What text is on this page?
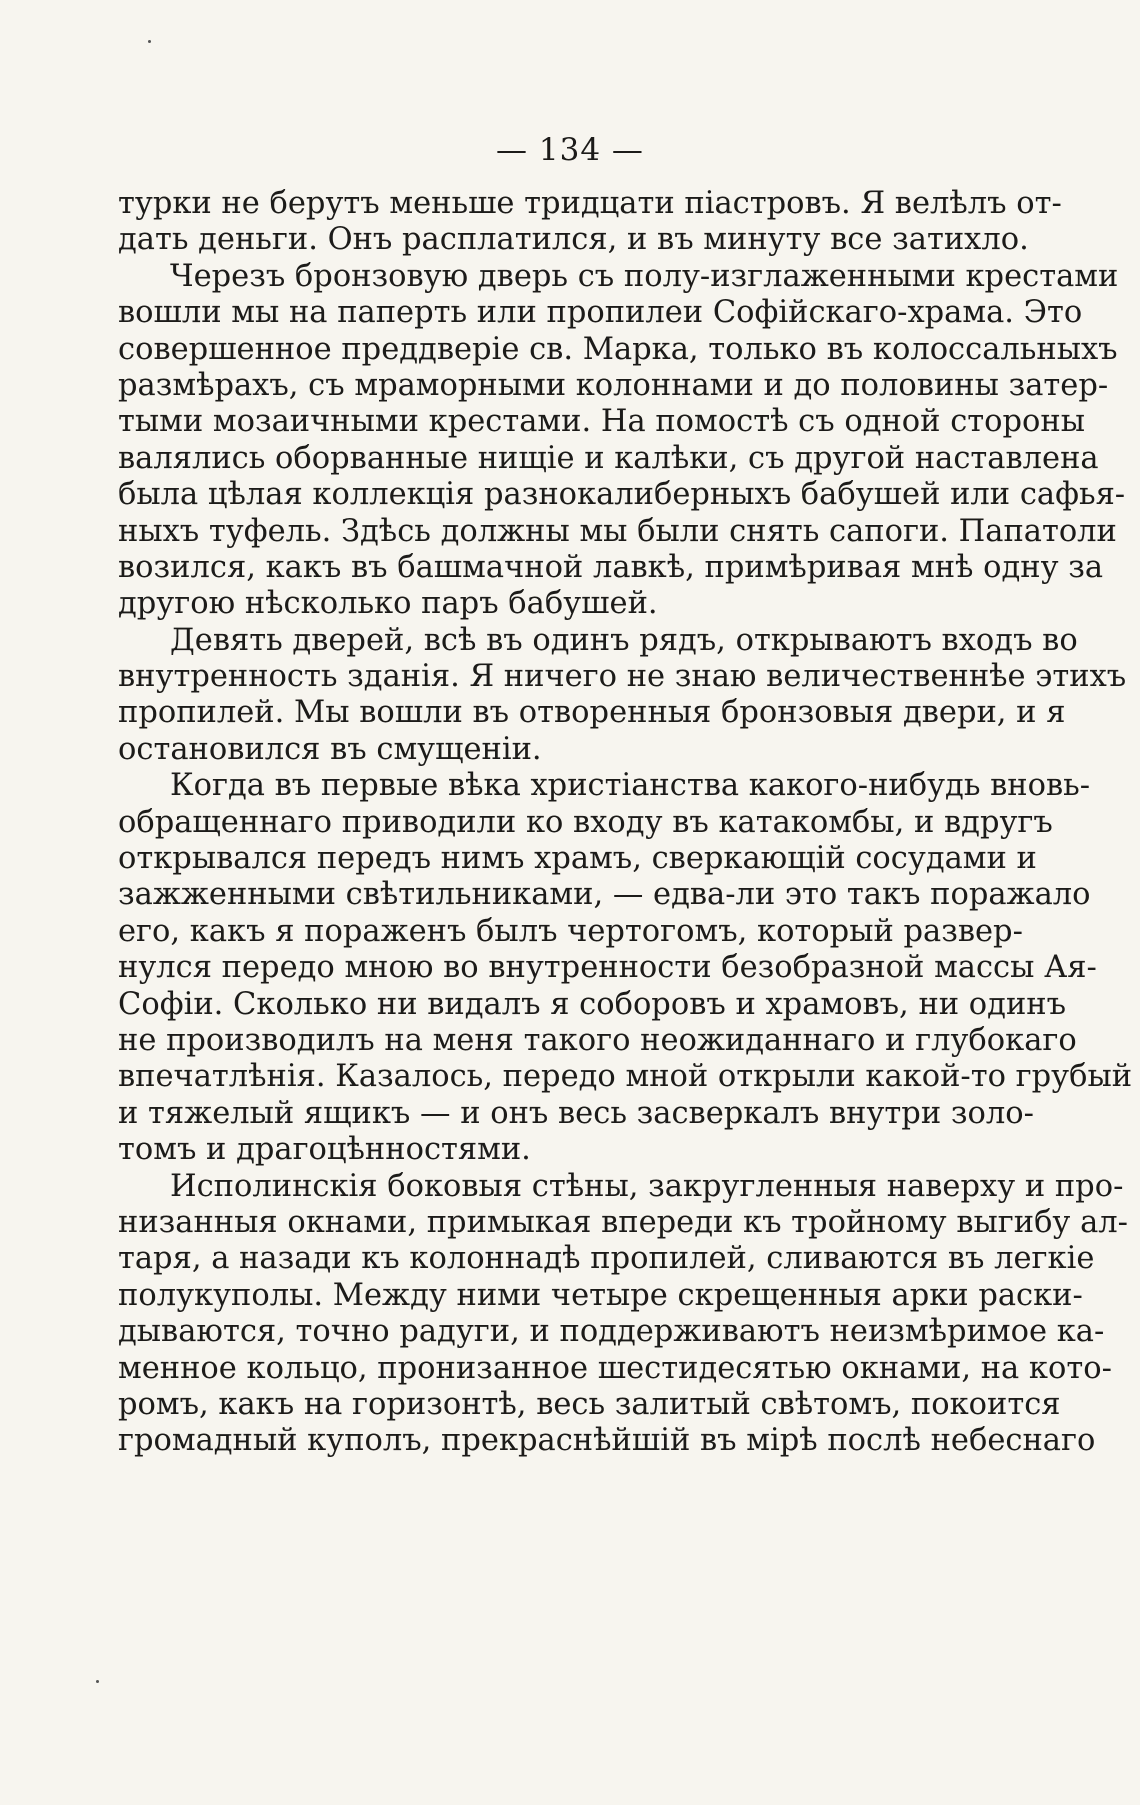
— 134 —
турки не берутъ меньше тридцати піастровъ. Я велѣлъ от-
дать деньги. Онъ расплатился, и въ минуту все затихло.
Черезъ бронзовую дверь съ полу-изглаженными крестами
вошли мы на паперть или пропилеи Софійскаго-храма. Это
совершенное преддверіе св. Марка, только въ колоссальныхъ
размѣрахъ, съ мраморными колоннами и до половины затер-
тыми мозаичными крестами. На помостѣ съ одной стороны
валялись оборванные нищіе и калѣки, съ другой наставлена
была цѣлая коллекція разнокалиберныхъ бабушей или сафья-
ныхъ туфель. Здѣсь должны мы были снять сапоги. Папатоли
возился, какъ въ башмачной лавкѣ, примѣривая мнѣ одну за
другою нѣсколько паръ бабушей.
Девять дверей, всѣ въ одинъ рядъ, открываютъ входъ во
внутренность зданія. Я ничего не знаю величественнѣе этихъ
пропилей. Мы вошли въ отворенныя бронзовыя двери, и я
остановился въ смущеніи.
Когда въ первые вѣка христіанства какого-нибудь вновь-
обращеннаго приводили ко входу въ катакомбы, и вдругъ
открывался передъ нимъ храмъ, сверкающій сосудами и
зажженными свѣтильниками, — едва-ли это такъ поражало
его, какъ я пораженъ былъ чертогомъ, который развер-
нулся передо мною во внутренности безобразной массы Ая-
Софіи. Сколько ни видалъ я соборовъ и храмовъ, ни одинъ
не производилъ на меня такого неожиданнаго и глубокаго
впечатлѣнія. Казалось, передо мной открыли какой-то грубый
и тяжелый ящикъ — и онъ весь засверкалъ внутри золо-
томъ и драгоцѣнностями.
Исполинскія боковыя стѣны, закругленныя наверху и про-
низанныя окнами, примыкая впереди къ тройному выгибу ал-
таря, а назади къ колоннадѣ пропилей, сливаются въ легкіе
полукуполы. Между ними четыре скрещенныя арки раски-
дываются, точно радуги, и поддерживаютъ неизмѣримое ка-
менное кольцо, пронизанное шестидесятью окнами, на кото-
ромъ, какъ на горизонтѣ, весь залитый свѣтомъ, покоится
громадный куполъ, прекраснѣйшій въ мірѣ послѣ небеснаго
